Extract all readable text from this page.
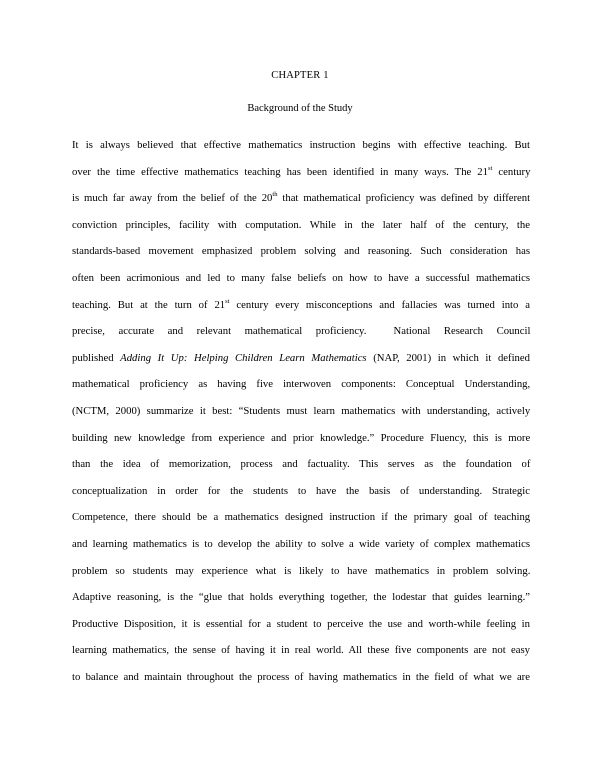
CHAPTER 1
Background of the Study
It is always believed that effective mathematics instruction begins with effective teaching. But
over the time effective mathematics teaching has been identified in many ways. The 21st century
is much far away from the belief of the 20th that mathematical proficiency was defined by different
conviction principles, facility with computation. While in the later half of the century, the
standards-based movement emphasized problem solving and reasoning. Such consideration has
often been acrimonious and led to many false beliefs on how to have a successful mathematics
teaching. But at the turn of 21st century every misconceptions and fallacies was turned into a
precise, accurate and relevant mathematical proficiency.  National Research Council
published Adding It Up: Helping Children Learn Mathematics (NAP, 2001) in which it defined
mathematical proficiency as having five interwoven components: Conceptual Understanding,
(NCTM, 2000) summarize it best: “Students must learn mathematics with understanding, actively
building new knowledge from experience and prior knowledge.” Procedure Fluency, this is more
than the idea of memorization, process and factuality. This serves as the foundation of
conceptualization in order for the students to have the basis of understanding. Strategic
Competence, there should be a mathematics designed instruction if the primary goal of teaching
and learning mathematics is to develop the ability to solve a wide variety of complex mathematics
problem so students may experience what is likely to have mathematics in problem solving.
Adaptive reasoning, is the “glue that holds everything together, the lodestar that guides learning.”
Productive Disposition, it is essential for a student to perceive the use and worth-while feeling in
learning mathematics, the sense of having it in real world. All these five components are not easy
to balance and maintain throughout the process of having mathematics in the field of what we are
